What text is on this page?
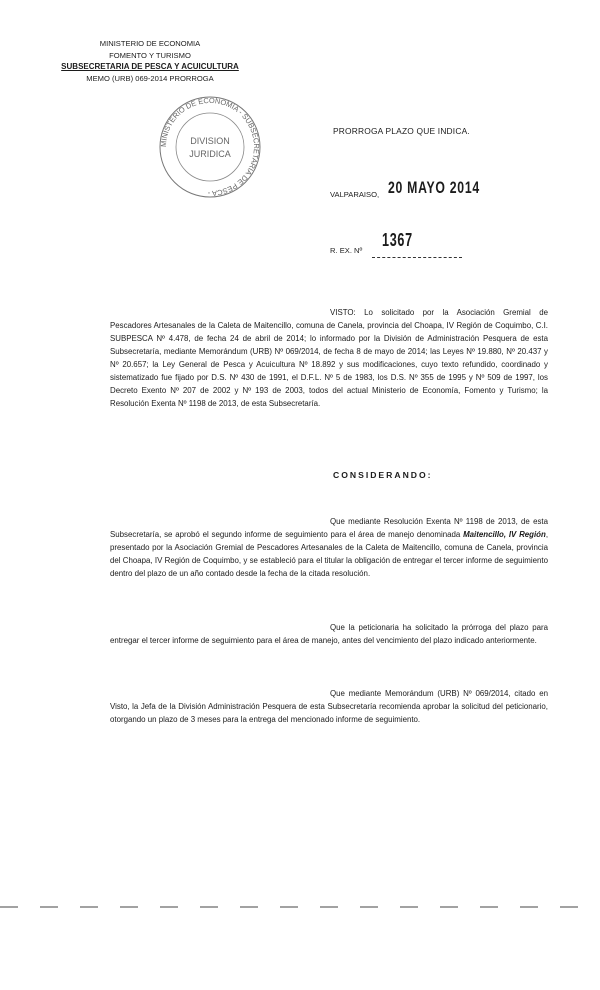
MINISTERIO DE ECONOMIA
FOMENTO Y TURISMO
SUBSECRETARIA DE PESCA Y ACUICULTURA
MEMO (URB) 069-2014 PRORROGA
MINISTERIO DE ECONOMIA - SUBSECRETARIA DE PESCA -
DIVISION
JURIDICA
PRORROGA PLAZO QUE INDICA.
VALPARAISO, 20 MAYO 2014
R. EX. Nº
1367
VISTO: Lo solicitado por la Asociación Gremial de Pescadores Artesanales de la Caleta de Maitencillo, comuna de Canela, provincia del Choapa, IV Región de Coquimbo, C.I. SUBPESCA Nº 4.478, de fecha 24 de abril de 2014; lo informado por la División de Administración Pesquera de esta Subsecretaría, mediante Memorándum (URB) Nº 069/2014, de fecha 8 de mayo de 2014; las Leyes Nº 19.880, Nº 20.437 y Nº 20.657; la Ley General de Pesca y Acuicultura Nº 18.892 y sus modificaciones, cuyo texto refundido, coordinado y sistematizado fue fijado por D.S. Nº 430 de 1991, el D.F.L. Nº 5 de 1983, los D.S. Nº 355 de 1995 y Nº 509 de 1997, los Decreto Exento Nº 207 de 2002 y Nº 193 de 2003, todos del actual Ministerio de Economía, Fomento y Turismo; la Resolución Exenta Nº 1198 de 2013, de esta Subsecretaría.
CONSIDERANDO:
Que mediante Resolución Exenta Nº 1198 de 2013, de esta Subsecretaría, se aprobó el segundo informe de seguimiento para el área de manejo denominada Maitencillo, IV Región, presentado por la Asociación Gremial de Pescadores Artesanales de la Caleta de Maitencillo, comuna de Canela, provincia del Choapa, IV Región de Coquimbo, y se estableció para el titular la obligación de entregar el tercer informe de seguimiento dentro del plazo de un año contado desde la fecha de la citada resolución.
Que la peticionaria ha solicitado la prórroga del plazo para entregar el tercer informe de seguimiento para el área de manejo, antes del vencimiento del plazo indicado anteriormente.
Que mediante Memorándum (URB) Nº 069/2014, citado en Visto, la Jefa de la División Administración Pesquera de esta Subsecretaría recomienda aprobar la solicitud del peticionario, otorgando un plazo de 3 meses para la entrega del mencionado informe de seguimiento.
